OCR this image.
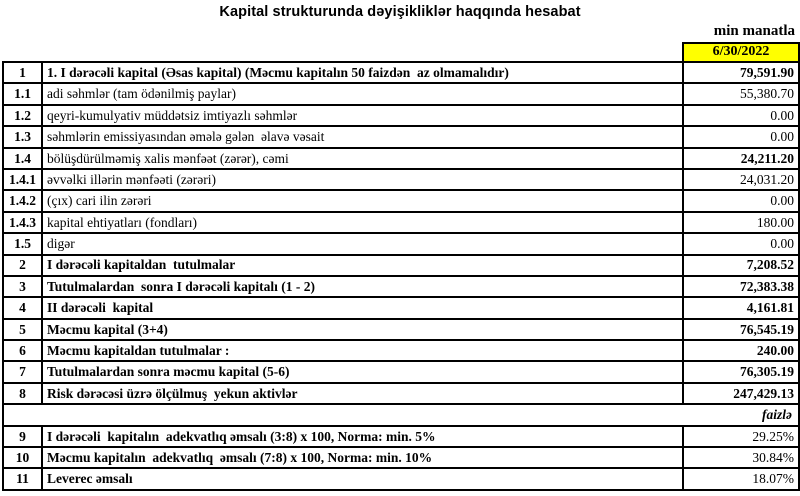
Kapital strukturunda dəyişikliklər haqqında hesabat
min manatla
		6/30/2022
1	1. I dərəcəli kapital (Əsas kapital) (Məcmu kapitalın 50 faizdən  az olmamalıdır)	79,591.90
1.1	adi səhmlər (tam ödənilmiş paylar)	55,380.70
1.2	qeyri-kumulyativ müddətsiz imtiyazlı səhmlər	0.00
1.3	səhmlərin emissiyasından əmələ gələn  əlavə vəsait	0.00
1.4	bölüşdürülməmiş xalis mənfəət (zərər), cəmi	24,211.20
1.4.1	əvvəlki illərin mənfəəti (zərəri)	24,031.20
1.4.2	(çıx) cari ilin zərəri	0.00
1.4.3	kapital ehtiyatları (fondları)	180.00
1.5	digər	0.00
2	I dərəcəli kapitaldan  tutulmalar	7,208.52
3	Tutulmalardan  sonra I dərəcəli kapitalı (1 - 2)	72,383.38
4	II dərəcəli  kapital	4,161.81
5	Məcmu kapital (3+4)	76,545.19
6	Məcmu kapitaldan tutulmalar :	240.00
7	Tutulmalardan sonra məcmu kapital (5-6)	76,305.19
8	Risk dərəcəsi üzrə ölçülmuş  yekun aktivlər	247,429.13
faizlə		
9	I dərəcəli  kapitalın  adekvatlıq əmsalı (3:8) x 100, Norma: min. 5%	29.25%
10	Məcmu kapitalın  adekvatlıq  əmsalı (7:8) x 100, Norma: min. 10%	30.84%
11	Leverec əmsalı	18.07%
